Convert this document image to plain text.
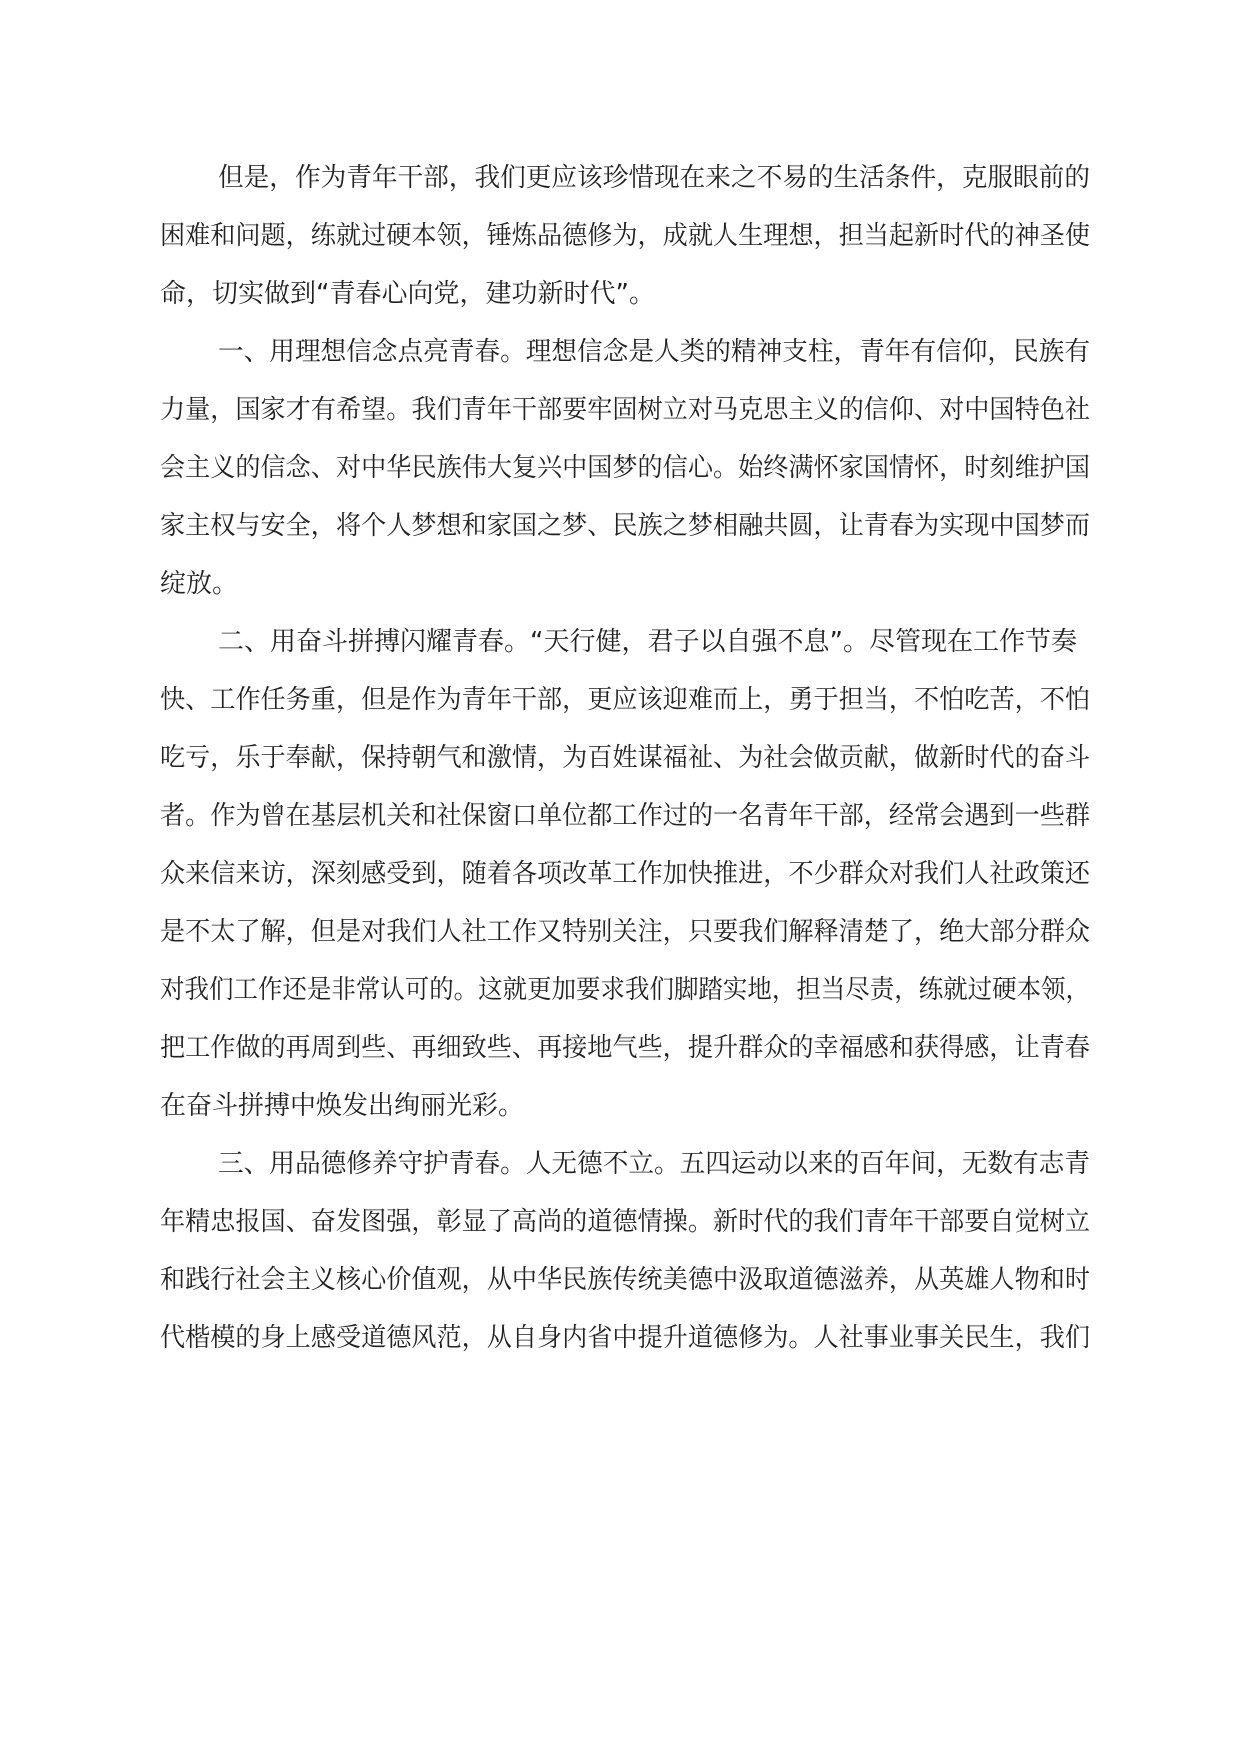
但是，作为青年干部，我们更应该珍惜现在来之不易的生活条件，克服眼前的
困难和问题，练就过硬本领，锤炼品德修为，成就人生理想，担当起新时代的神圣使
命，切实做到“青春心向党，建功新时代”。
一、用理想信念点亮青春。理想信念是人类的精神支柱，青年有信仰，民族有
力量，国家才有希望。我们青年干部要牢固树立对马克思主义的信仰、对中国特色社
会主义的信念、对中华民族伟大复兴中国梦的信心。始终满怀家国情怀，时刻维护国
家主权与安全，将个人梦想和家国之梦、民族之梦相融共圆，让青春为实现中国梦而
绽放。
二、用奋斗拼搏闪耀青春。“天行健，君子以自强不息”。尽管现在工作节奏
快、工作任务重，但是作为青年干部，更应该迎难而上，勇于担当，不怕吃苦，不怕
吃亏，乐于奉献，保持朝气和激情，为百姓谋福祉、为社会做贡献，做新时代的奋斗
者。作为曾在基层机关和社保窗口单位都工作过的一名青年干部，经常会遇到一些群
众来信来访，深刻感受到，随着各项改革工作加快推进，不少群众对我们人社政策还
是不太了解，但是对我们人社工作又特别关注，只要我们解释清楚了，绝大部分群众
对我们工作还是非常认可的。这就更加要求我们脚踏实地，担当尽责，练就过硬本领，
把工作做的再周到些、再细致些、再接地气些，提升群众的幸福感和获得感，让青春
在奋斗拼搏中焕发出绚丽光彩。
三、用品德修养守护青春。人无德不立。五四运动以来的百年间，无数有志青
年精忠报国、奋发图强，彰显了高尚的道德情操。新时代的我们青年干部要自觉树立
和践行社会主义核心价值观，从中华民族传统美德中汲取道德滋养，从英雄人物和时
代楷模的身上感受道德风范，从自身内省中提升道德修为。人社事业事关民生，我们
